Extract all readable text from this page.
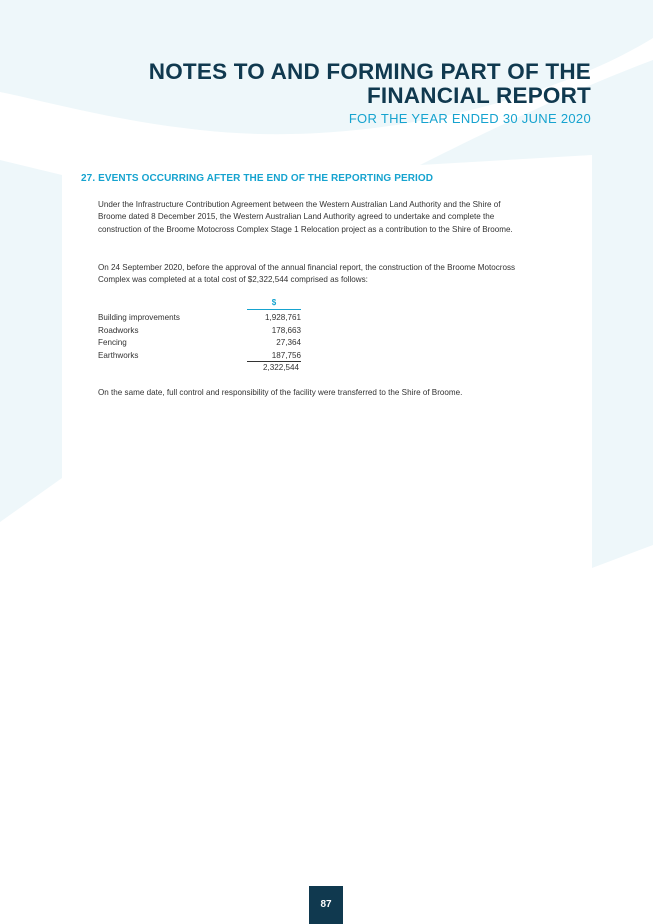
NOTES TO AND FORMING PART OF THE FINANCIAL REPORT
FOR THE YEAR ENDED 30 JUNE 2020
27. EVENTS OCCURRING AFTER THE END OF THE REPORTING PERIOD

Under the Infrastructure Contribution Agreement between the Western Australian Land Authority and the Shire of Broome dated 8 December 2015, the Western Australian Land Authority agreed to undertake and complete the construction of the Broome Motocross Complex Stage 1 Relocation project as a contribution to the Shire of Broome.

On 24 September 2020, before the approval of the annual financial report, the construction of the Broome Motocross Complex was completed at a total cost of $2,322,544 comprised as follows:

$
Building improvements	1,928,761
Roadworks	178,663
Fencing	27,364
Earthworks	187,756
2,322,544

On the same date, full control and responsibility of the facility were transferred to the Shire of Broome.

87
